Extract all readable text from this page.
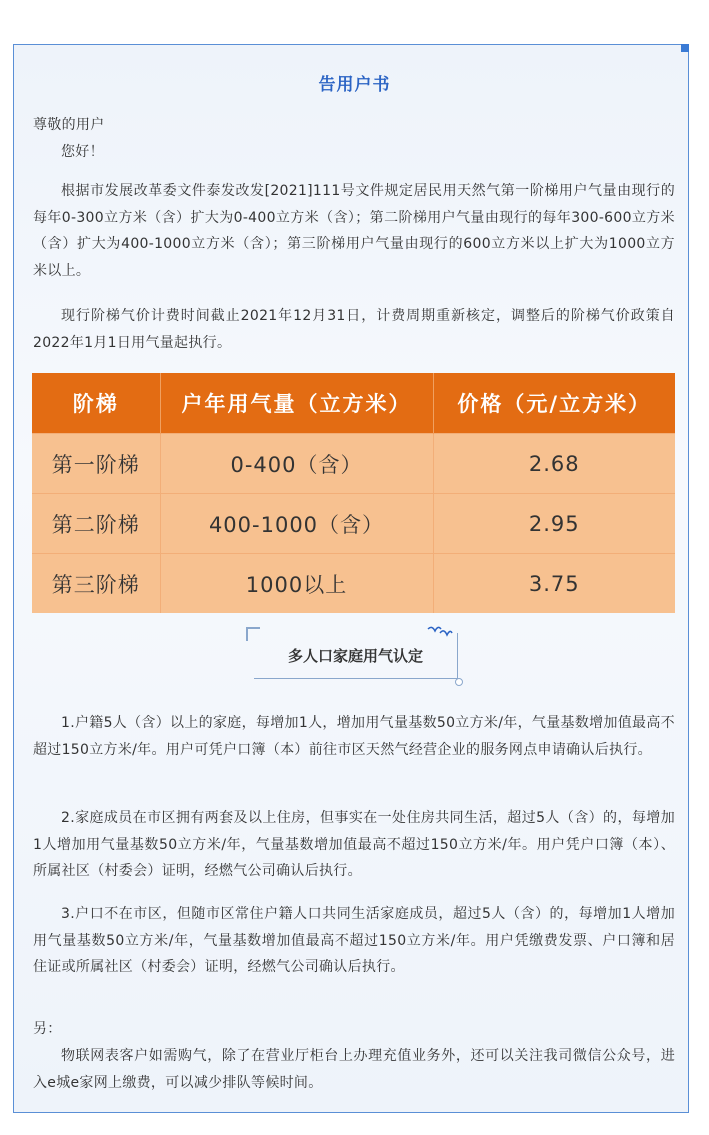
告用户书
尊敬的用户
您好！
根据市发展改革委文件泰发改发[2021]111号文件规定居民用天然气第一阶梯用户气量由现行的每年0-300立方米（含）扩大为0-400立方米（含）；第二阶梯用户气量由现行的每年300-600立方米（含）扩大为400-1000立方米（含）；第三阶梯用户气量由现行的600立方米以上扩大为1000立方米以上。
现行阶梯气价计费时间截止2021年12月31日，计费周期重新核定，调整后的阶梯气价政策自2022年1月1日用气量起执行。
阶梯	户年用气量（立方米）	价格（元/立方米）
第一阶梯	0-400（含）	2.68
第二阶梯	400-1000（含）	2.95
第三阶梯	1000以上	3.75
多人口家庭用气认定
1.户籍5人（含）以上的家庭，每增加1人，增加用气量基数50立方米/年，气量基数增加值最高不超过150立方米/年。用户可凭户口簿（本）前往市区天然气经营企业的服务网点申请确认后执行。
2.家庭成员在市区拥有两套及以上住房，但事实在一处住房共同生活，超过5人（含）的，每增加1人增加用气量基数50立方米/年，气量基数增加值最高不超过150立方米/年。用户凭户口簿（本）、所属社区（村委会）证明，经燃气公司确认后执行。
3.户口不在市区，但随市区常住户籍人口共同生活家庭成员，超过5人（含）的，每增加1人增加用气量基数50立方米/年，气量基数增加值最高不超过150立方米/年。用户凭缴费发票、户口簿和居住证或所属社区（村委会）证明，经燃气公司确认后执行。
另：
物联网表客户如需购气，除了在营业厅柜台上办理充值业务外，还可以关注我司微信公众号，进入e城e家网上缴费，可以减少排队等候时间。
